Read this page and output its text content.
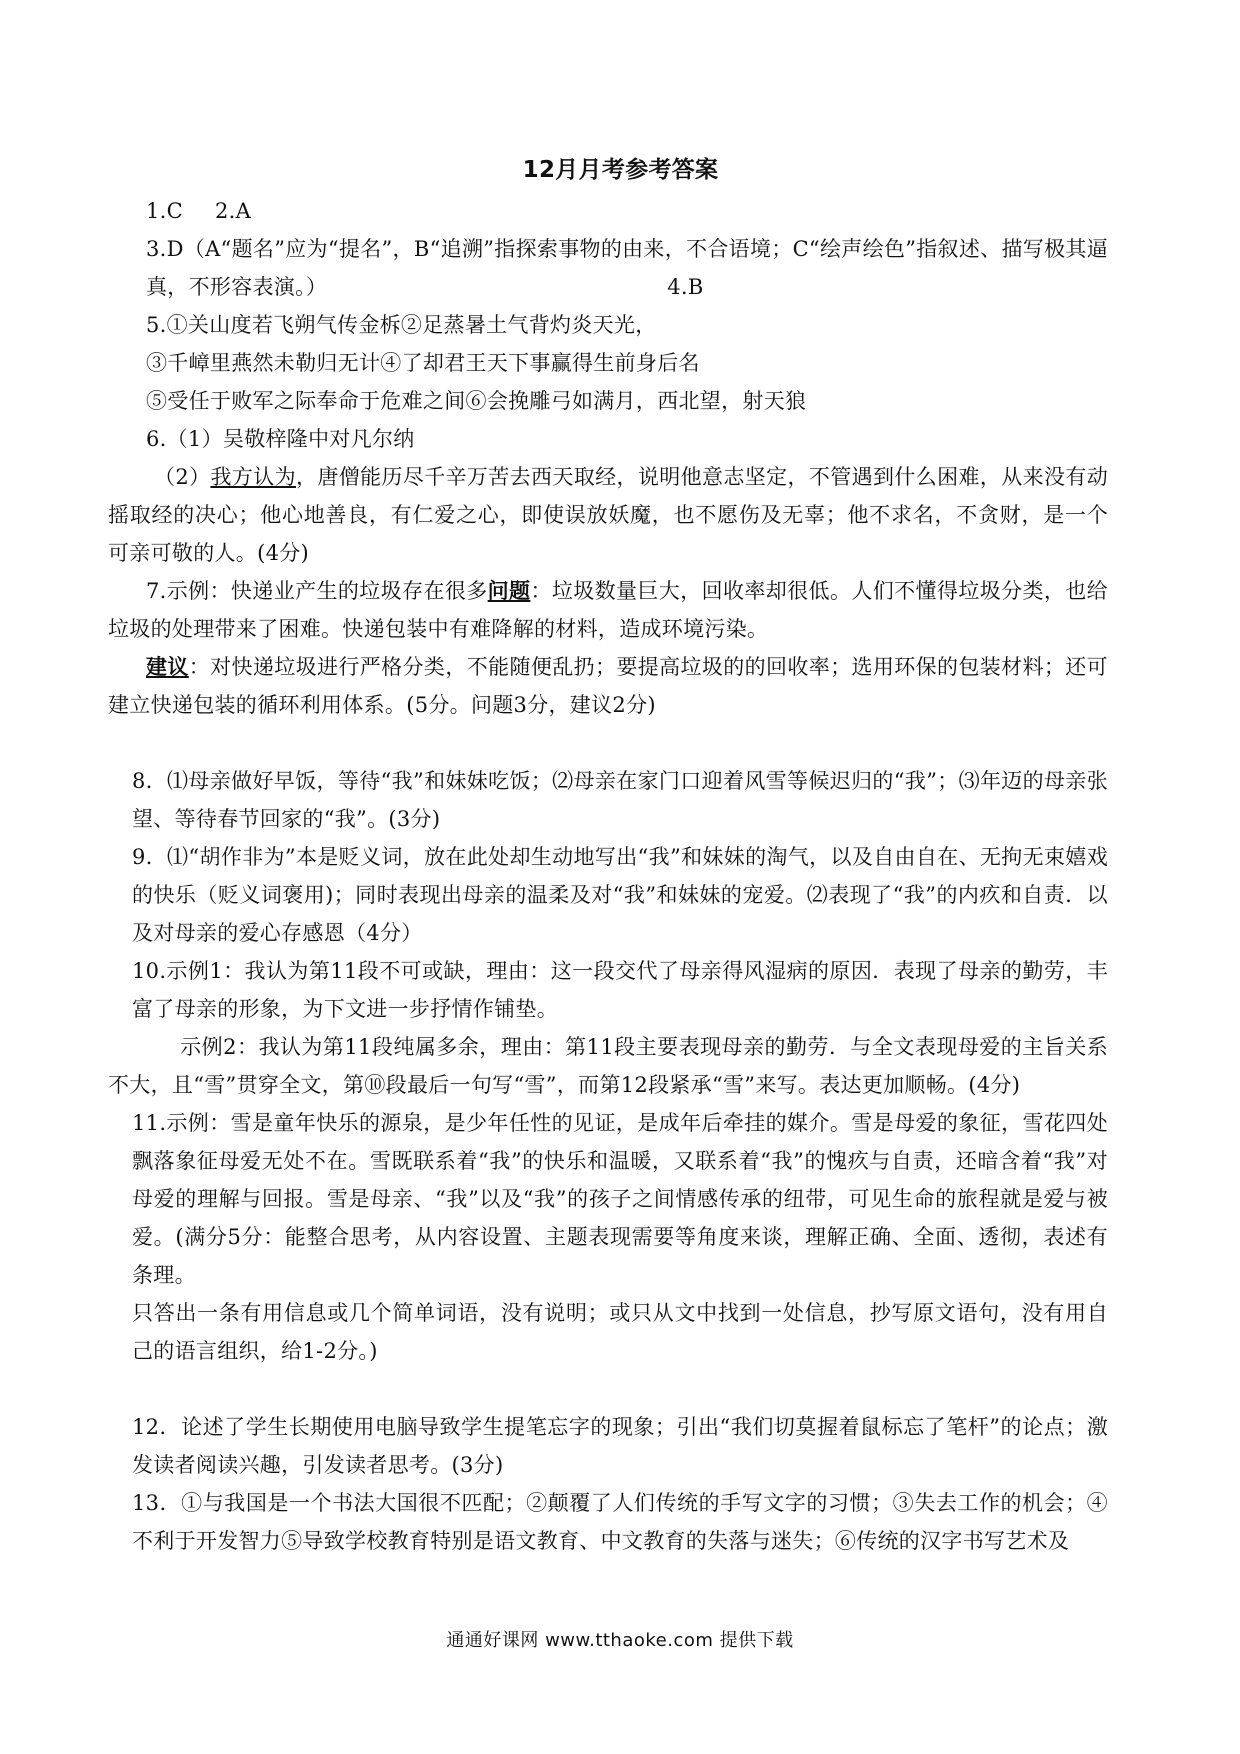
12月月考参考答案

1.C 2.A

3.D（A“题名”应为“提名”，B“追溯”指探索事物的由来，不合语境；C“绘声绘色”指叙述、描写极其逼真，不形容表演。）	4.B

5.①关山度若飞朔气传金柝②足蒸暑土气背灼炎天光，

③千嶂里燕然未勒归无计④了却君王天下事赢得生前身后名

⑤受任于败军之际奉命于危难之间⑥会挽雕弓如满月，西北望，射天狼

6.（1）吴敬梓隆中对凡尔纳

（2）我方认为，唐僧能历尽千辛万苦去西天取经，说明他意志坚定，不管遇到什么困难，从来没有动摇取经的决心；他心地善良，有仁爱之心，即使误放妖魔，也不愿伤及无辜；他不求名，不贪财，是一个可亲可敬的人。(4分)

7.示例：快递业产生的垃圾存在很多问题：垃圾数量巨大，回收率却很低。人们不懂得垃圾分类，也给垃圾的处理带来了困难。快递包装中有难降解的材料，造成环境污染。

建议：对快递垃圾进行严格分类，不能随便乱扔；要提高垃圾的的回收率；选用环保的包装材料；还可建立快递包装的循环利用体系。(5分。问题3分，建议2分)

8．⑴母亲做好早饭，等待“我”和妹妹吃饭；⑵母亲在家门口迎着风雪等候迟归的“我”；⑶年迈的母亲张望、等待春节回家的“我”。(3分)

9．⑴“胡作非为”本是贬义词，放在此处却生动地写出“我”和妹妹的淘气，以及自由自在、无拘无束嬉戏的快乐（贬义词褒用)；同时表现出母亲的温柔及对“我”和妹妹的宠爱。⑵表现了“我”的内疚和自责．以及对母亲的爱心存感恩（4分）

10.示例1：我认为第11段不可或缺，理由：这一段交代了母亲得风湿病的原因．表现了母亲的勤劳，丰富了母亲的形象，为下文进一步抒情作铺垫。

示例2：我认为第11段纯属多余，理由：第11段主要表现母亲的勤劳．与全文表现母爱的主旨关系不大，且“雪”贯穿全文，第⑩段最后一句写“雪”，而第12段紧承“雪”来写。表达更加顺畅。(4分)

11.示例：雪是童年快乐的源泉，是少年任性的见证，是成年后牵挂的媒介。雪是母爱的象征，雪花四处飘落象征母爱无处不在。雪既联系着“我”的快乐和温暖，又联系着“我”的愧疚与自责，还暗含着“我”对母爱的理解与回报。雪是母亲、“我”以及“我”的孩子之间情感传承的纽带，可见生命的旅程就是爱与被爱。(满分5分：能整合思考，从内容设置、主题表现需要等角度来谈，理解正确、全面、透彻，表述有条理。

只答出一条有用信息或几个简单词语，没有说明；或只从文中找到一处信息，抄写原文语句，没有用自己的语言组织，给1-2分。)

12．论述了学生长期使用电脑导致学生提笔忘字的现象；引出“我们切莫握着鼠标忘了笔杆”的论点；激发读者阅读兴趣，引发读者思考。(3分)

13．①与我国是一个书法大国很不匹配；②颠覆了人们传统的手写文字的习惯；③失去工作的机会；④不利于开发智力⑤导致学校教育特别是语文教育、中文教育的失落与迷失；⑥传统的汉字书写艺术及

通通好课网 www.tthaoke.com 提供下载
